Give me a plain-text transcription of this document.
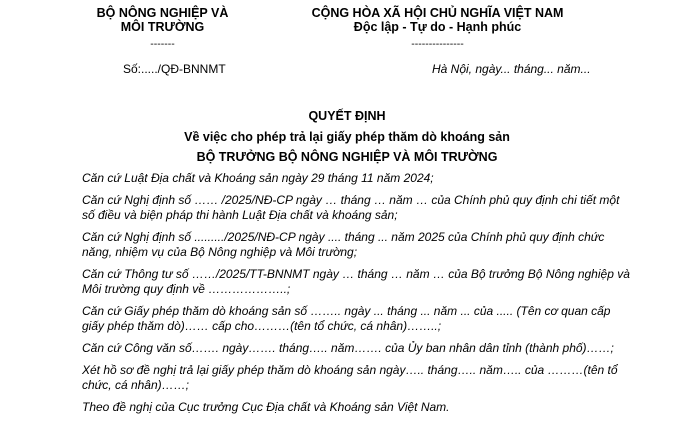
BỘ NÔNG NGHIỆP VÀ
MÔI TRƯỜNG
-------
CỘNG HÒA XÃ HỘI CHỦ NGHĨA VIỆT NAM
Độc lập - Tự do - Hạnh phúc
---------------
Số:...../QĐ-BNNMT	Hà Nội, ngày... tháng... năm...
QUYẾT ĐỊNH
Về việc cho phép trả lại giấy phép thăm dò khoáng sản
BỘ TRƯỞNG BỘ NÔNG NGHIỆP VÀ MÔI TRƯỜNG

Căn cứ Luật Địa chất và Khoáng sản ngày 29 tháng 11 năm 2024;

Căn cứ Nghị định số …… /2025/NĐ-CP ngày … tháng … năm … của Chính phủ quy định chi tiết một số điều và biện pháp thi hành Luật Địa chất và khoáng sản;

Căn cứ Nghị định số ........./2025/NĐ-CP ngày .... tháng ... năm 2025 của Chính phủ quy định chức năng, nhiệm vụ của Bộ Nông nghiệp và Môi trường;

Căn cứ Thông tư số ……/2025/TT-BNNMT ngày … tháng … năm … của Bộ trưởng Bộ Nông nghiệp và Môi trường quy định về ………………..;

Căn cứ Giấy phép thăm dò khoáng sản số …….. ngày ... tháng ... năm ... của ..... (Tên cơ quan cấp giấy phép thăm dò)…… cấp cho………(tên tổ chức, cá nhân)……..;

Căn cứ Công văn số……. ngày……. tháng….. năm……. của Ủy ban nhân dân tỉnh (thành phố)……;

Xét hồ sơ đề nghị trả lại giấy phép thăm dò khoáng sản ngày….. tháng….. năm….. của ………(tên tổ chức, cá nhân)……;

Theo đề nghị của Cục trưởng Cục Địa chất và Khoáng sản Việt Nam.
